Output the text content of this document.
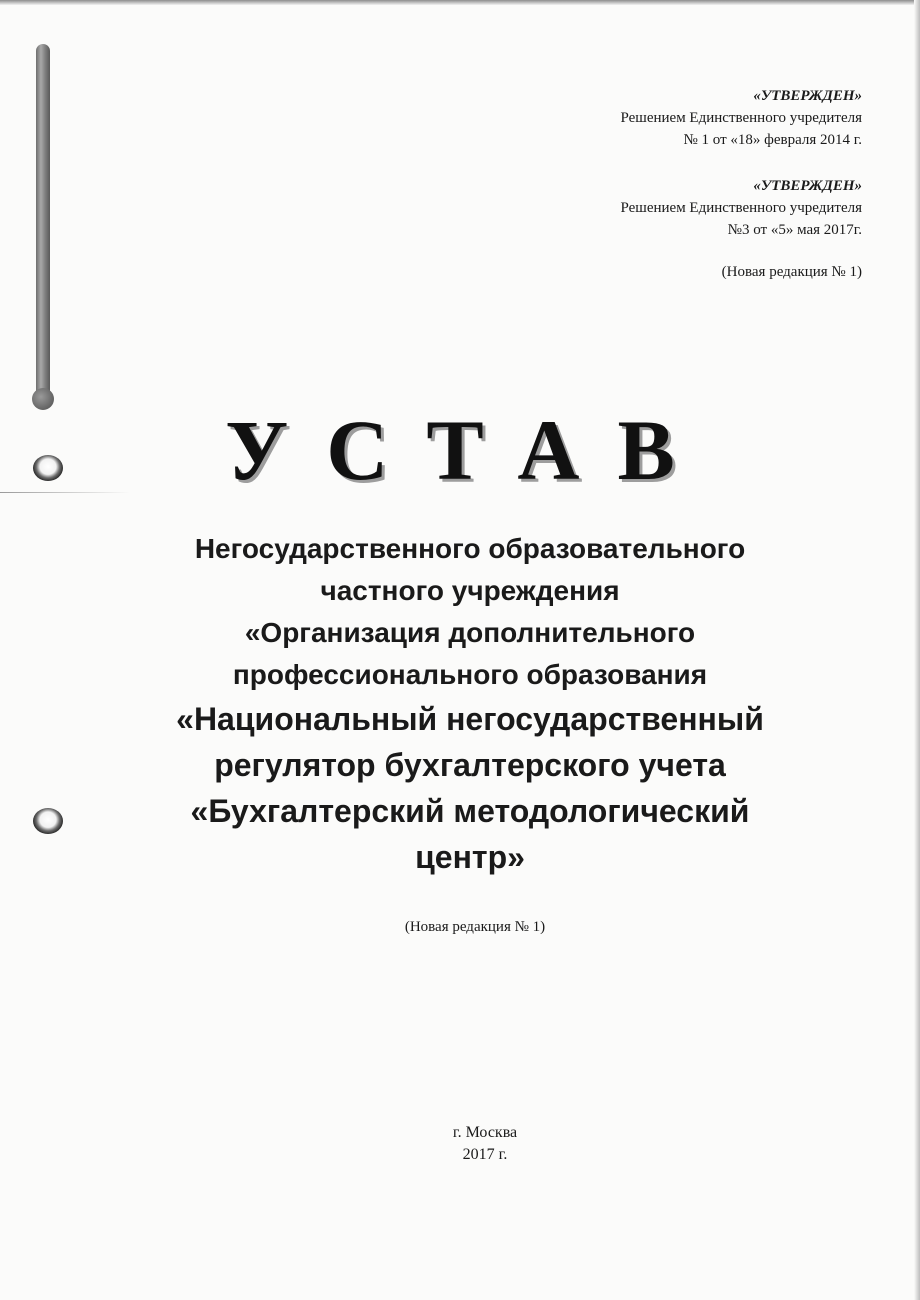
«УТВЕРЖДЕН»
Решением Единственного учредителя
№ 1 от «18» февраля 2014 г.
«УТВЕРЖДЕН»
Решением Единственного учредителя
№3 от «5» мая 2017г.
(Новая редакция № 1)
УСТАВ
Негосударственного образовательного
частного учреждения
«Организация дополнительного
профессионального образования
«Национальный негосударственный
регулятор бухгалтерского учета
«Бухгалтерский методологический
центр»
(Новая редакция № 1)
г. Москва
2017 г.
